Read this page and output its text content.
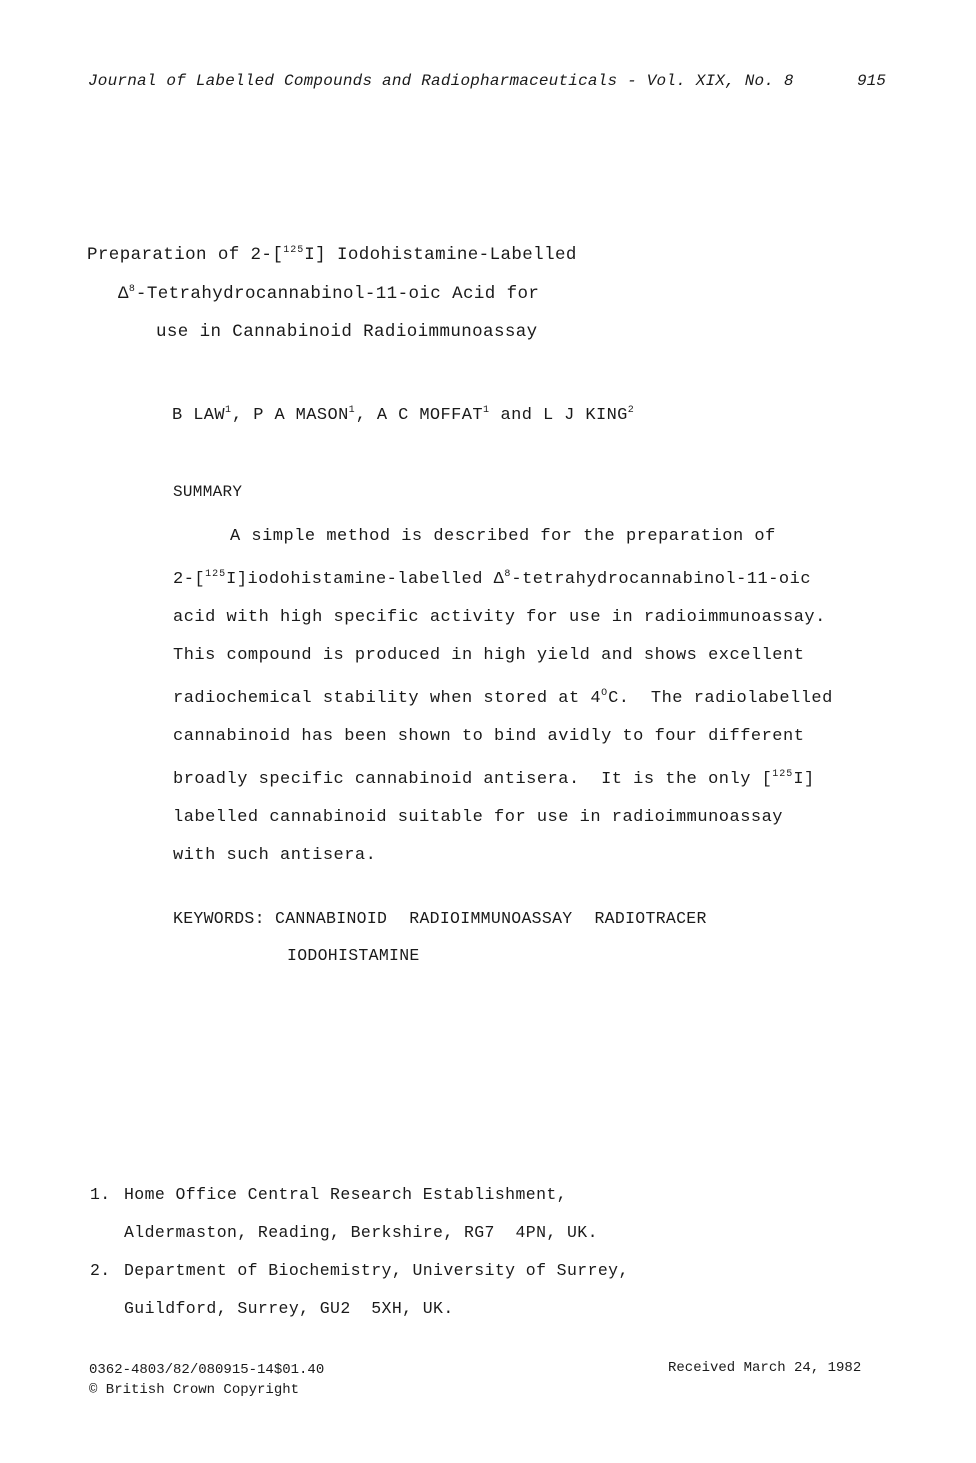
Journal of Labelled Compounds and Radiopharmaceuticals - Vol. XIX, No. 8	915
Preparation of 2-[$^{125}$I] Iodohistamine-Labelled
$\Delta^8-Tetrahydrocannabinol-11$-oic Acid for
use in Cannabinoid Radioimmunoassay
B LAW$^1$, P A MASON$^1$, A C MOFFAT$^1$ and L J KING$^2$
SUMMARY

A simple method is described for the preparation of

2-[$^{125}$I]iodohistamine-labelled $\Delta^8-tetrahydrocannabinol-11$-oic

acid with high specific activity for use in radioimmunoassay.

This compound is produced in high yield and shows excellent

radiochemical stability when stored at $4^OC$.  The radiolabelled

cannabinoid has been shown to bind avidly to four different

broadly specific cannabinoid antisera.  It is the only [$^{125}$I]

labelled cannabinoid suitable for use in radioimmunoassay

with such antisera.

KEYWORDS: CANNABINOID RADIOIMMUNOASSAY RADIOTRACER
IODOHISTAMINE
1. Home Office Central Research Establishment,
Aldermaston, Reading, Berkshire, RG7  4PN, UK.
2. Department of Biochemistry, University of Surrey,
Guildford, Surrey, GU2  5XH, UK.
0362-4803/82/080915-14$01.40
© British Crown Copyright
Received March 24, 1982
